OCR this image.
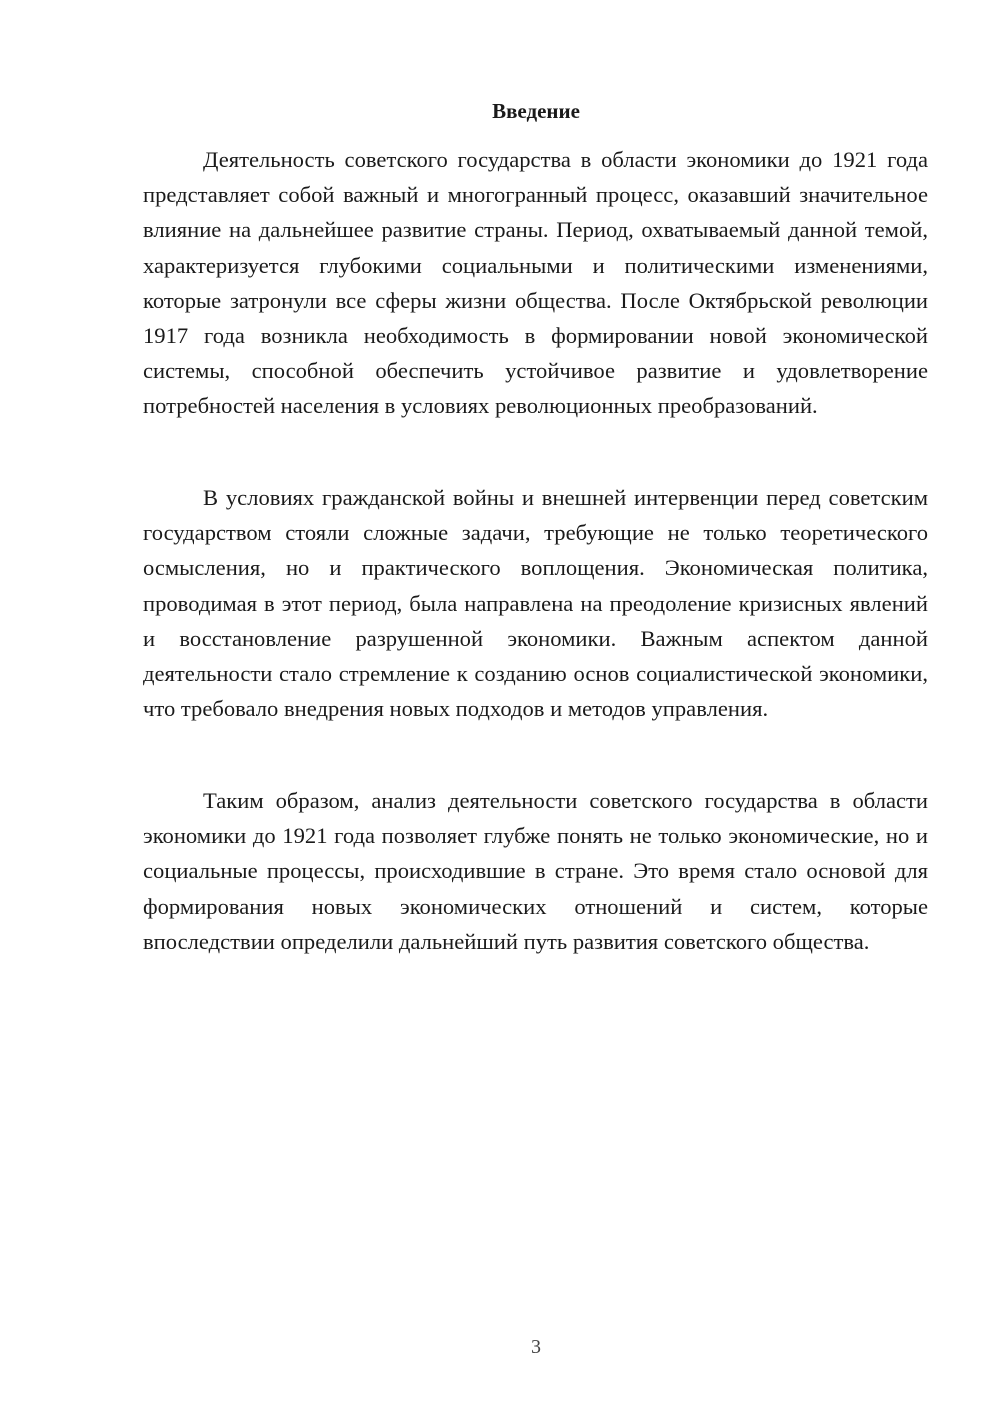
Введение

Деятельность советского государства в области экономики до 1921 года представляет собой важный и многогранный процесс, оказавший значительное влияние на дальнейшее развитие страны. Период, охватываемый данной темой, характеризуется глубокими социальными и политическими изменениями, которые затронули все сферы жизни общества. После Октябрьской революции 1917 года возникла необходимость в формировании новой экономической системы, способной обеспечить устойчивое развитие и удовлетворение потребностей населения в условиях революционных преобразований.

В условиях гражданской войны и внешней интервенции перед советским государством стояли сложные задачи, требующие не только теоретического осмысления, но и практического воплощения. Экономическая политика, проводимая в этот период, была направлена на преодоление кризисных явлений и восстановление разрушенной экономики. Важным аспектом данной деятельности стало стремление к созданию основ социалистической экономики, что требовало внедрения новых подходов и методов управления.

Таким образом, анализ деятельности советского государства в области экономики до 1921 года позволяет глубже понять не только экономические, но и социальные процессы, происходившие в стране. Это время стало основой для формирования новых экономических отношений и систем, которые впоследствии определили дальнейший путь развития советского общества.

3
